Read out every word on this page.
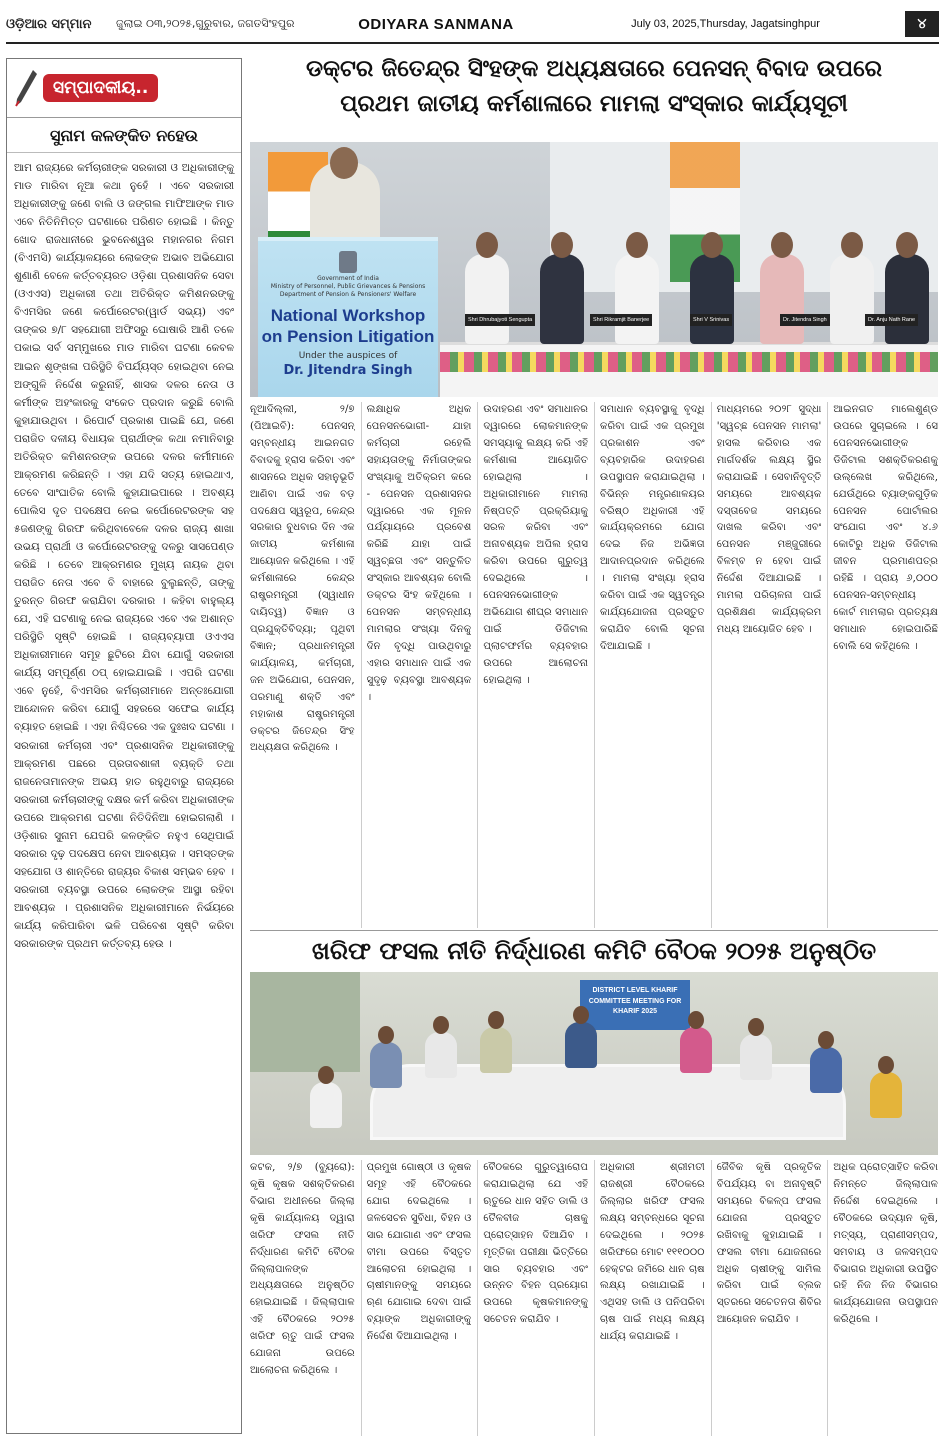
ଓଡ଼ିଆର ସମ୍ମାନ	ଜୁଲାଇ ୦୩,୨୦୨୫,ଗୁରୁବାର, ଜଗତସିଂହପୁର	ODIYARA SANMANA	July 03, 2025,Thursday, Jagatsinghpur	୪
ସମ୍ପାଦକୀୟ..
ସୁନାମ କଳଙ୍କିତ ନହେଉ
ଆମ ରାଜ୍ୟରେ କର୍ମଚାରୀଙ୍କ ସରକାରୀ ଓ ଅଧିକାରୀଙ୍କୁ ମାଡ ମାରିବା ନୂଆ କଥା ନୁହେଁ । ଏବେ ସରକାରୀ ଅଧିକାରୀଙ୍କୁ ଜଣେ ବାଲି ଓ ଜଙ୍ଗଲ ମାଫିଆଙ୍କ ମାଡ ଏବେ ନିତିନିମିତ୍ତ ଘଟଣାରେ ପରିଣତ ହୋଇଛି । କିନ୍ତୁ ଖୋଦ ରାଜଧାନୀରେ ଭୁବନେଶ୍ୱର ମହାନଗର ନିଗମ (ବିଏମସି) କାର୍ଯ୍ୟାଳୟରେ ଲୋକଙ୍କ ଅଭାବ ଅଭିଯୋଗ ଶୁଣାଣି ବେଳେ କର୍ତ୍ତବ୍ୟରତ ଓଡ଼ିଶା ପ୍ରଶାସନିକ ସେବା (ଓଏଏସ) ଅଧିକାରୀ ତଥା ଅତିରିକ୍ତ କମିଶନରଙ୍କୁ ବିଏମସିର ଜଣେ କର୍ପୋରେଟର(ୱାର୍ଡ ସଭ୍ୟ) ଏବଂ ତାଙ୍କର ୭/୮ ସହଯୋଗୀ ଅଫିସରୁ ଘୋଷାରି ଆଣି ତଳେ ପକାଇ ସର୍ବ ସମ୍ମୁଖରେ ମାଡ ମାରିବା ଘଟଣା କେବଳ ଆଇନ ଶୃଙ୍ଖଳା ପରିସ୍ଥିତି ବିପର୍ଯ୍ୟସ୍ତ ହୋଇଥିବା ନେଇ ଅଙ୍ଗୁଳି ନିର୍ଦ୍ଦେଶ କରୁନାହିଁ, ଶାସକ ଦଳର ନେତା ଓ କର୍ମୀଙ୍କ ଅହଂକାରକୁ ସଂକେତ ପ୍ରଦାନ କରୁଛି ବୋଲି କୁହାଯାଉଥିବା । ରିପୋର୍ଟ ପ୍ରକାଶ ପାଇଛି ଯେ, ଜଣେ ପରାଜିତ ଦଳୀୟ ବିଧାୟକ ପ୍ରାର୍ଥୀଙ୍କ କଥା ନମାନିବାରୁ ଅତିରିକ୍ତ କମିଶନରଙ୍କ ଉପରେ ଦଳର କର୍ମୀମାନେ ଆକ୍ରମଣ କରିଛନ୍ତି । ଏହା ଯଦି ସତ୍ୟ ହୋଇଥାଏ, ତେବେ ସାଂଘାତିକ ବୋଲି କୁହାଯାଇପାରେ । ଅବଶ୍ୟ ପୋଲିସ ଦୃତ ପଦକ୍ଷେପ ନେଇ କର୍ପୋରେଟରଙ୍କ ସହ ୫ଜଣଙ୍କୁ ଗିରଫ କରିଥିବାବେଳେ ଦଳର ରାଜ୍ୟ ଶାଖା ଉଭୟ ପ୍ରାର୍ଥୀ ଓ କର୍ପୋରେଟରଙ୍କୁ ଦଳରୁ ସାସପେଣ୍ଡ କରିଛି । ତେବେ ଆକ୍ରମଣର ମୁଖ୍ୟ ନାୟକ ଥିବା ପରାଜିତ ନେତା ଏବେ ବି ବାହାରେ ବୁଲୁଛନ୍ତି, ତାଙ୍କୁ ତୁରନ୍ତ ଗିରଫ କରାଯିବା ଦରକାର । କହିବା ବାହୁଲ୍ୟ ଯେ, ଏହି ଘଟଣାକୁ ନେଇ ରାଜ୍ୟରେ ଏବେ ଏକ ଅଶାନ୍ତ ପରିସ୍ଥିତି ସୃଷ୍ଟି ହୋଇଛି । ରାଜ୍ୟବ୍ୟାପୀ ଓଏଏସ ଅଧିକାରୀମାନେ ସମୂହ ଛୁଟିରେ ଯିବା ଯୋଗୁଁ ସରକାରୀ କାର୍ଯ୍ୟ ସମ୍ପୂର୍ଣ୍ଣ ଠପ୍ ହୋଇଯାଇଛି । ଏପରି ଘଟଣା ଏବେ ନୁହେଁ, ବିଏମସିର କର୍ମଚାରୀମାନେ ଅନ୍ତଃଯୋଗୀ ଆନ୍ଦୋଳନ କରିବା ଯୋଗୁଁ ସହରରେ ସଫେଇ କାର୍ଯ୍ୟ ବ୍ୟାହତ ହୋଇଛି । ଏହା ନିଶ୍ଚିତରେ ଏକ ଦୁଃଖଦ ଘଟଣା । ସରକାରୀ କର୍ମଚାରୀ ଏବଂ ପ୍ରଶାସନିକ ଅଧିକାରୀଙ୍କୁ ଆକ୍ରମଣ ପଛରେ ପ୍ରତାବଶାଳୀ ବ୍ୟକ୍ତି ତଥା ରାଜନେତାମାନଙ୍କ ଅଭୟ ହାତ ରହୁଥିବାରୁ ରାଜ୍ୟରେ ସରକାରୀ କର୍ମଚାରୀଙ୍କୁ ଦକ୍ଷର କର୍ମ କରିବା ଅଧିକାରୀଙ୍କ ଉପରେ ଆକ୍ରମଣ ଘଟଣା ନିତିଦିନିଆ ହୋଇଗଲାଣି । ଓଡ଼ିଶାର ସୁନାମ ଯେପରି କଳଙ୍କିତ ନହୁଏ ସେଥିପାଇଁ ସରକାର ଦୃଢ଼ ପଦକ୍ଷେପ ନେବା ଆବଶ୍ୟକ । ସମସ୍ତଙ୍କ ସହଯୋଗ ଓ ଶାନ୍ତିରେ ରାଜ୍ୟର ବିକାଶ ସମ୍ଭବ ହେବ । ସରକାରୀ ବ୍ୟବସ୍ଥା ଉପରେ ଲୋକଙ୍କ ଆସ୍ଥା ରହିବା ଆବଶ୍ୟକ । ପ୍ରଶାସନିକ ଅଧିକାରୀମାନେ ନିର୍ଭୟରେ କାର୍ଯ୍ୟ କରିପାରିବା ଭଳି ପରିବେଶ ସୃଷ୍ଟି କରିବା ସରକାରଙ୍କ ପ୍ରଥମ କର୍ତ୍ତବ୍ୟ ହେଉ ।
ଡକ୍ଟର ଜିତେନ୍ଦ୍ର ସିଂହଙ୍କ ଅଧ୍ୟକ୍ଷତାରେ ପେନସନ୍ ବିବାଦ ଉପରେ
ପ୍ରଥମ ଜାତୀୟ କର୍ମଶାଳାରେ ମାମଲା ସଂସ୍କାର କାର୍ଯ୍ୟସୂଚୀ
Government of India
Ministry of Personnel, Public Grievances & Pensions
Department of Pension & Pensioners' Welfare
National Workshop on Pension Litigation
Under the auspices of
Dr. Jitendra Singh
Shri Dhrubajyoti Sengupta	Shri Rikramjit Banerjee	Shri V Srinivas	Dr. Jitendra Singh	Dr. Anju Nath Rane
ନୂଆଦିଲ୍ଲୀ, ୨/୭ (ପିଆଇବି): ପେନସନ୍ ସମ୍ବନ୍ଧୀୟ ଆଇନଗତ ବିବାଦକୁ ହ୍ରାସ କରିବା ଏବଂ ଶାସନରେ ଅଧିକ ସହାନୁଭୂତି ଆଣିବା ପାଇଁ ଏକ ବଡ଼ ପଦକ୍ଷେପ ସ୍ୱରୂପ, କେନ୍ଦ୍ର ସରକାର ବୁଧବାର ଦିନ ଏକ ଜାତୀୟ କର୍ମଶାଳା ଆୟୋଜନ କରିଥିଲେ । ଏହି କର୍ମଶାଳାରେ କେନ୍ଦ୍ର ରାଷ୍ଟ୍ରମନ୍ତ୍ରୀ (ସ୍ୱାଧୀନ ଦାୟିତ୍ୱ) ବିଜ୍ଞାନ ଓ ପ୍ରଯୁକ୍ତିବିଦ୍ୟା; ପୃଥିବୀ ବିଜ୍ଞାନ; ପ୍ରଧାନମନ୍ତ୍ରୀ କାର୍ଯ୍ୟାଳୟ, କର୍ମଚାରୀ, ଜନ ଅଭିଯୋଗ, ପେନସନ, ପରମାଣୁ ଶକ୍ତି ଏବଂ ମହାକାଶ ରାଷ୍ଟ୍ରମନ୍ତ୍ରୀ ଡକ୍ଟର ଜିତେନ୍ଦ୍ର ସିଂହ ଅଧ୍ୟକ୍ଷତା କରିଥିଲେ ।
ଲକ୍ଷାଧିକ ଅଧିକ ପେନସନଭୋଗୀ- ଯାହା କର୍ମଚାରୀ ରହେଲି ସହାୟତାଙ୍କୁ ନିର୍ମାତାଙ୍କର ସଂଖ୍ୟାକୁ ଅତିକ୍ରମ କରେ - ପେନସନ ପ୍ରଶାସନର ଦ୍ୱାରରେ ଏକ ମୂଳନ ପର୍ଯ୍ୟାୟରେ ପ୍ରବେଶ କରିଛି ଯାହା ପାଇଁ ସ୍ୱଚ୍ଛତା ଏବଂ ସନ୍ତୁଳିତ ସଂସ୍କାର ଆବଶ୍ୟକ ବୋଲି ଡକ୍ଟର ସିଂହ କହିଥିଲେ । ପେନସନ ସମ୍ବନ୍ଧୀୟ ମାମଲାର ସଂଖ୍ୟା ଦିନକୁ ଦିନ ବୃଦ୍ଧି ପାଉଥିବାରୁ ଏହାର ସମାଧାନ ପାଇଁ ଏକ ସୁଦୃଢ଼ ବ୍ୟବସ୍ଥା ଆବଶ୍ୟକ ।
ଉଦାହରଣ ଏବଂ ସମାଧାନର ଦ୍ୱାରରେ ଲୋକମାନଙ୍କ ସମସ୍ୟାକୁ ଲକ୍ଷ୍ୟ କରି ଏହି କର୍ମଶାଳା ଆୟୋଜିତ ହୋଇଥିଲା । ଅଧିକାରୀମାନେ ମାମଲା ନିଷ୍ପତ୍ତି ପ୍ରକ୍ରିୟାକୁ ସରଳ କରିବା ଏବଂ ଅନାବଶ୍ୟକ ଅପିଲ ହ୍ରାସ କରିବା ଉପରେ ଗୁରୁତ୍ୱ ଦେଇଥିଲେ । ପେନସନଭୋଗୀଙ୍କ ଅଭିଯୋଗ ଶୀଘ୍ର ସମାଧାନ ପାଇଁ ଡିଜିଟାଲ ପ୍ଲାଟଫର୍ମର ବ୍ୟବହାର ଉପରେ ଆଲୋଚନା ହୋଇଥିଲା ।
ସମାଧାନ ବ୍ୟବସ୍ଥାକୁ ବୃଦ୍ଧି କରିବା ପାଇଁ ଏକ ପ୍ରମୁଖ ପ୍ରକାଶନ ଏବଂ ବ୍ୟବହାରିକ ଉଦାହରଣ ଉପସ୍ଥାପନ କରାଯାଇଥିଲା । ବିଭିନ୍ନ ମନ୍ତ୍ରଣାଳୟର ବରିଷ୍ଠ ଅଧିକାରୀ ଏହି କାର୍ଯ୍ୟକ୍ରମରେ ଯୋଗ ଦେଇ ନିଜ ଅଭିଜ୍ଞତା ଆଦାନପ୍ରଦାନ କରିଥିଲେ । ମାମଲା ସଂଖ୍ୟା ହ୍ରାସ କରିବା ପାଇଁ ଏକ ସ୍ୱତନ୍ତ୍ର କାର୍ଯ୍ୟଯୋଜନା ପ୍ରସ୍ତୁତ କରାଯିବ ବୋଲି ସୂଚନା ଦିଆଯାଇଛି ।
ମାଧ୍ୟମରେ ୨୦୨୮ ସୁଦ୍ଧା 'ସ୍ୱଚ୍ଛ ପେନସନ ମାମଲା' ହାସଲ କରିବାର ଏକ ମାର୍ଗଦର୍ଶକ ଲକ୍ଷ୍ୟ ସ୍ଥିର କରାଯାଇଛି । ସେବାନିବୃତ୍ତି ସମୟରେ ଆବଶ୍ୟକ ଦସ୍ତାବେଜ ସମୟରେ ଦାଖଲ କରିବା ଏବଂ ପେନସନ ମଞ୍ଜୁରୀରେ ବିଳମ୍ବ ନ ହେବା ପାଇଁ ନିର୍ଦ୍ଦେଶ ଦିଆଯାଇଛି । ମାମଲା ପରିଚାଳନା ପାଇଁ ପ୍ରଶିକ୍ଷଣ କାର୍ଯ୍ୟକ୍ରମ ମଧ୍ୟ ଆୟୋଜିତ ହେବ ।
ଆଇନଗତ ମାଲେଶୁଣ୍ଡ ଉପରେ ସୁଚାଇଲେ । ସେ ପେନସନଭୋଗୀଙ୍କ ଡିଜିଟାଲ ସଶକ୍ତିକରଣକୁ ଉଲ୍ଲେଖ କରିଥିଲେ, ଯେଉଁଥିରେ ବ୍ୟାଙ୍କଗୁଡ଼ିକ ପେନସନ ପୋର୍ଟାଲର ସଂଯୋଗ ଏବଂ ୪.୬ କୋଟିରୁ ଅଧିକ ଡିଜିଟାଲ ଜୀବନ ପ୍ରମାଣପତ୍ର ରହିଛି । ପ୍ରାୟ ୬,୦୦୦ ପେନସନ-ସମ୍ବନ୍ଧୀୟ କୋର୍ଟ ମାମଲାର ପ୍ରତ୍ୟକ୍ଷ ସମାଧାନ ହୋଇପାରିଛି ବୋଲି ସେ କହିଥିଲେ ।
ଖରିଫ ଫସଲ ନୀତି ନିର୍ଦ୍ଧାରଣ କମିଟି ବୈଠକ ୨୦୨୫ ଅନୁଷ୍ଠିତ
DISTRICT LEVEL KHARIF COMMITTEE MEETING FOR KHARIF 2025
କଟକ, ୨/୭ (ବ୍ୟୁରୋ): କୃଷି କୃଷକ ସଶକ୍ତିକରଣ ବିଭାଗ ଅଧୀନରେ ଜିଲ୍ଲା କୃଷି କାର୍ଯ୍ୟାଳୟ ଦ୍ୱାରା ଖରିଫ ଫସଲ ନୀତି ନିର୍ଦ୍ଧାରଣ କମିଟି ବୈଠକ ଜିଲ୍ଲାପାଳଙ୍କ ଅଧ୍ୟକ୍ଷତାରେ ଅନୁଷ୍ଠିତ ହୋଇଯାଇଛି । ଜିଲ୍ଲାପାଳ ଏହି ବୈଠକରେ ୨୦୨୫ ଖରିଫ ଋତୁ ପାଇଁ ଫସଲ ଯୋଜନା ଉପରେ ଆଲୋଚନା କରିଥିଲେ ।
ପ୍ରମୁଖ ଗୋଷ୍ଠୀ ଓ କୃଷକ ସମୂହ ଏହି ବୈଠକରେ ଯୋଗ ଦେଇଥିଲେ । ଜଳସେଚନ ସୁବିଧା, ବିହନ ଓ ସାର ଯୋଗାଣ ଏବଂ ଫସଲ ବୀମା ଉପରେ ବିସ୍ତୃତ ଆଲୋଚନା ହୋଇଥିଲା । ଚାଷୀମାନଙ୍କୁ ସମୟରେ ଋଣ ଯୋଗାଇ ଦେବା ପାଇଁ ବ୍ୟାଙ୍କ ଅଧିକାରୀଙ୍କୁ ନିର୍ଦ୍ଦେଶ ଦିଆଯାଇଥିଲା ।
ବୈଠକରେ ଗୁରୁତ୍ୱାରୋପ କରାଯାଇଥିଲା ଯେ ଏହି ଋତୁରେ ଧାନ ସହିତ ଡାଲି ଓ ତୈଳବୀଜ ଚାଷକୁ ପ୍ରୋତ୍ସାହନ ଦିଆଯିବ । ମୃତ୍ତିକା ପରୀକ୍ଷା ଭିତ୍ତିରେ ସାର ବ୍ୟବହାର ଏବଂ ଉନ୍ନତ ବିହନ ପ୍ରୟୋଗ ଉପରେ କୃଷକମାନଙ୍କୁ ସଚେତନ କରାଯିବ ।
ଅଧିକାରୀ ଶ୍ରୀମତୀ ରାଜଶ୍ରୀ ବୈଠକରେ ଜିଲ୍ଲାର ଖରିଫ ଫସଲ ଲକ୍ଷ୍ୟ ସମ୍ବନ୍ଧରେ ସୂଚନା ଦେଇଥିଲେ । ୨୦୨୫ ଖରିଫରେ ମୋଟ ୧୧୧୦୦୦ ହେକ୍ଟର ଜମିରେ ଧାନ ଚାଷ ଲକ୍ଷ୍ୟ ରଖାଯାଇଛି । ଏଥିସହ ଡାଲି ଓ ପନିପରିବା ଚାଷ ପାଇଁ ମଧ୍ୟ ଲକ୍ଷ୍ୟ ଧାର୍ଯ୍ୟ କରାଯାଇଛି ।
ଜୈବିକ କୃଷି ପ୍ରକୃତିକ ବିପର୍ଯ୍ୟୟ ବା ଅନାବୃଷ୍ଟି ସମୟରେ ବିକଳ୍ପ ଫସଲ ଯୋଜନା ପ୍ରସ୍ତୁତ ରଖିବାକୁ କୁହାଯାଇଛି । ଫସଲ ବୀମା ଯୋଜନାରେ ଅଧିକ ଚାଷୀଙ୍କୁ ସାମିଲ କରିବା ପାଇଁ ବ୍ଲକ ସ୍ତରରେ ସଚେତନତା ଶିବିର ଆୟୋଜନ କରାଯିବ ।
ଅଧିକ ପ୍ରୋତ୍ସାହିତ କରିବା ନିମନ୍ତେ ଜିଲ୍ଲାପାଳ ନିର୍ଦ୍ଦେଶ ଦେଇଥିଲେ । ବୈଠକରେ ଉଦ୍ୟାନ କୃଷି, ମତ୍ସ୍ୟ, ପ୍ରାଣୀସମ୍ପଦ, ସମବାୟ ଓ ଜଳସମ୍ପଦ ବିଭାଗର ଅଧିକାରୀ ଉପସ୍ଥିତ ରହି ନିଜ ନିଜ ବିଭାଗର କାର୍ଯ୍ୟଯୋଜନା ଉପସ୍ଥାପନ କରିଥିଲେ ।
